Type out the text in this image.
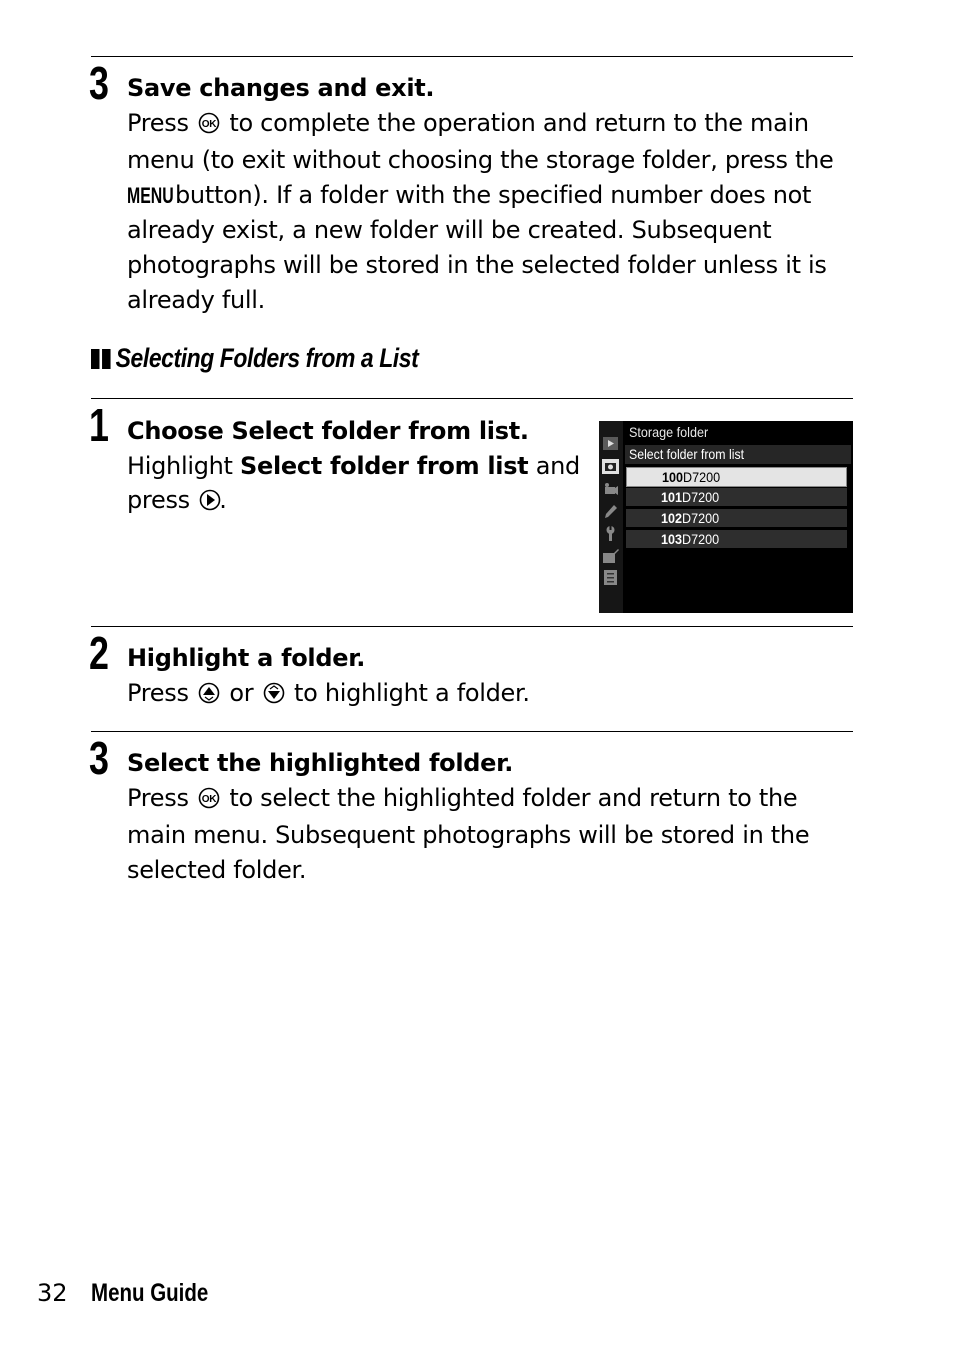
3 Save changes and exit.

Press OK to complete the operation and return to the main menu (to exit without choosing the storage folder, press the MENUbutton). If a folder with the specified number does not already exist, a new folder will be created. Subsequent photographs will be stored in the selected folder unless it is already full.

Selecting Folders from a List
1 Choose Select folder from list.

Highlight Select folder from list and press .

Storage folder
Select folder from list
100D7200
101D7200
102D7200
103D7200
2 Highlight a folder.

Press or to highlight a folder.

3 Select the highlighted folder.

Press OK to select the highlighted folder and return to the main menu. Subsequent photographs will be stored in the selected folder.

32 Menu Guide
